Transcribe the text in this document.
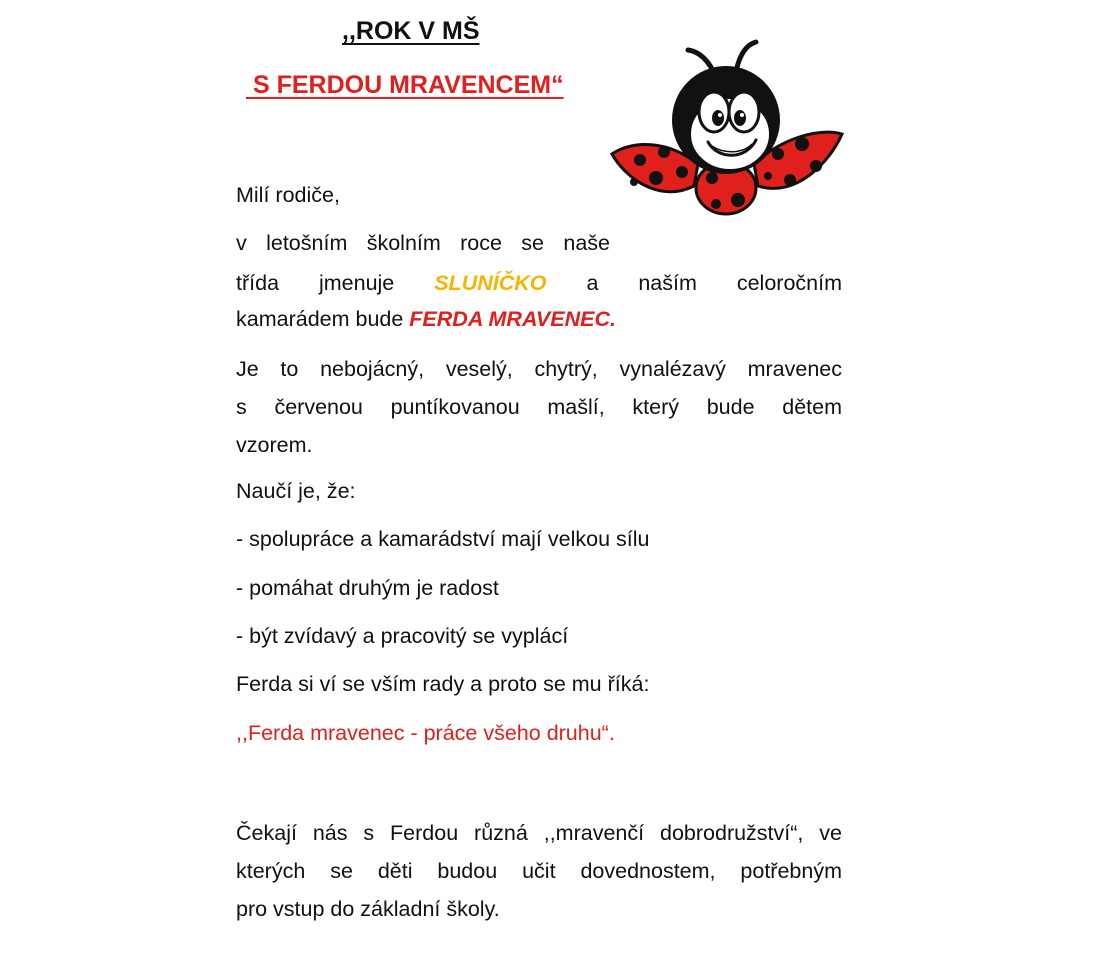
,,ROK V MŠ
S FERDOU MRAVENCEM“

Milí rodiče,

v letošním školním roce se naše

třída jmenuje SLUNÍČKO a naším celoročním

kamarádem bude FERDA MRAVENEC.

Je to nebojácný, veselý, chytrý, vynalézavý mravenec
s červenou puntíkovanou mašlí, který bude dětem
vzorem.

Naučí je, že:

- spolupráce a kamarádství mají velkou sílu

- pomáhat druhým je radost

- být zvídavý a pracovitý se vyplácí

Ferda si ví se vším rady a proto se mu říká:

,,Ferda mravenec - práce všeho druhu“.

Čekají nás s Ferdou různá ,,mravenčí dobrodružství“, ve
kterých se děti budou učit dovednostem, potřebným
pro vstup do základní školy.
